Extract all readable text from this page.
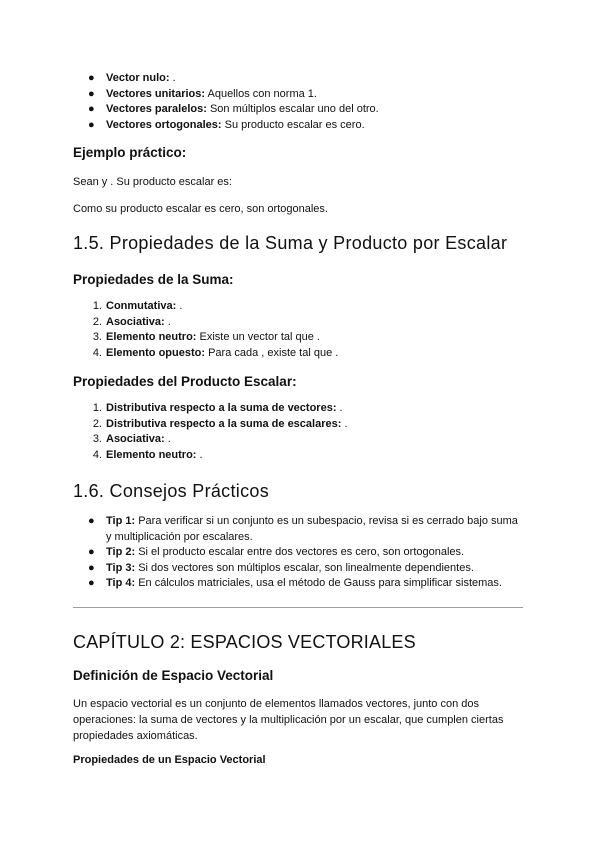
● Vector nulo: .
● Vectores unitarios: Aquellos con norma 1.
● Vectores paralelos: Son múltiplos escalar uno del otro.
● Vectores ortogonales: Su producto escalar es cero.
Ejemplo práctico:
Sean y . Su producto escalar es:
Como su producto escalar es cero, son ortogonales.
1.5. Propiedades de la Suma y Producto por Escalar
Propiedades de la Suma:
1. Conmutativa: .
2. Asociativa: .
3. Elemento neutro: Existe un vector tal que .
4. Elemento opuesto: Para cada , existe tal que .
Propiedades del Producto Escalar:
1. Distributiva respecto a la suma de vectores: .
2. Distributiva respecto a la suma de escalares: .
3. Asociativa: .
4. Elemento neutro: .
1.6. Consejos Prácticos
● Tip 1: Para verificar si un conjunto es un subespacio, revisa si es cerrado bajo suma
y multiplicación por escalares.
● Tip 2: Si el producto escalar entre dos vectores es cero, son ortogonales.
● Tip 3: Si dos vectores son múltiplos escalar, son linealmente dependientes.
● Tip 4: En cálculos matriciales, usa el método de Gauss para simplificar sistemas.
CAPÍTULO 2: ESPACIOS VECTORIALES
Definición de Espacio Vectorial
Un espacio vectorial es un conjunto de elementos llamados vectores, junto con dos
operaciones: la suma de vectores y la multiplicación por un escalar, que cumplen ciertas
propiedades axiomáticas.
Propiedades de un Espacio Vectorial
